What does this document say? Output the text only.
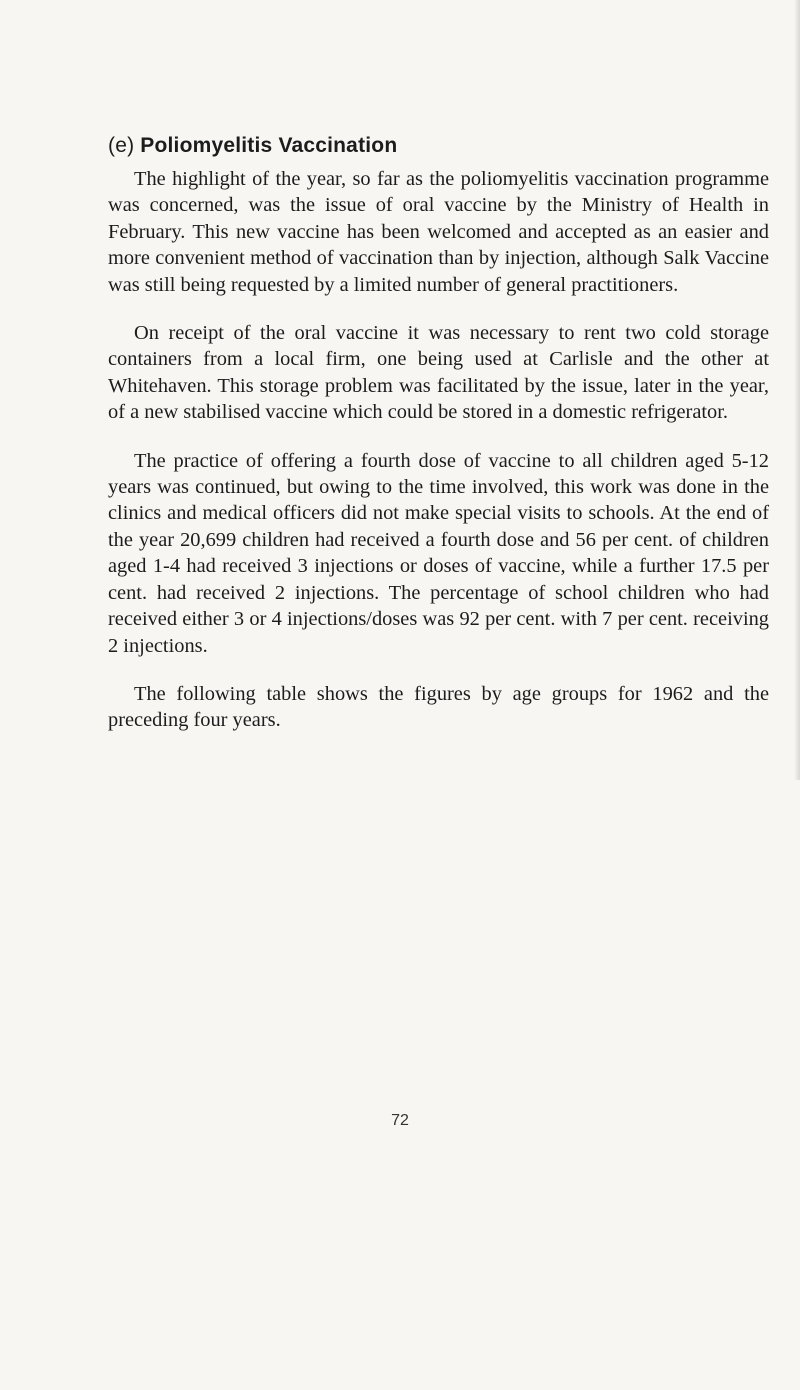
(e) Poliomyelitis Vaccination

The highlight of the year, so far as the poliomyelitis vaccination programme was concerned, was the issue of oral vaccine by the Ministry of Health in February. This new vaccine has been welcomed and accepted as an easier and more convenient method of vaccination than by injection, although Salk Vaccine was still being requested by a limited number of general practitioners.

On receipt of the oral vaccine it was necessary to rent two cold storage containers from a local firm, one being used at Carlisle and the other at Whitehaven. This storage problem was facilitated by the issue, later in the year, of a new stabilised vaccine which could be stored in a domestic refrigerator.

The practice of offering a fourth dose of vaccine to all children aged 5-12 years was continued, but owing to the time involved, this work was done in the clinics and medical officers did not make special visits to schools. At the end of the year 20,699 children had received a fourth dose and 56 per cent. of children aged 1-4 had received 3 injections or doses of vaccine, while a further 17.5 per cent. had received 2 injections. The percentage of school children who had received either 3 or 4 injections/doses was 92 per cent. with 7 per cent. receiving 2 injections.

The following table shows the figures by age groups for 1962 and the preceding four years.

72
